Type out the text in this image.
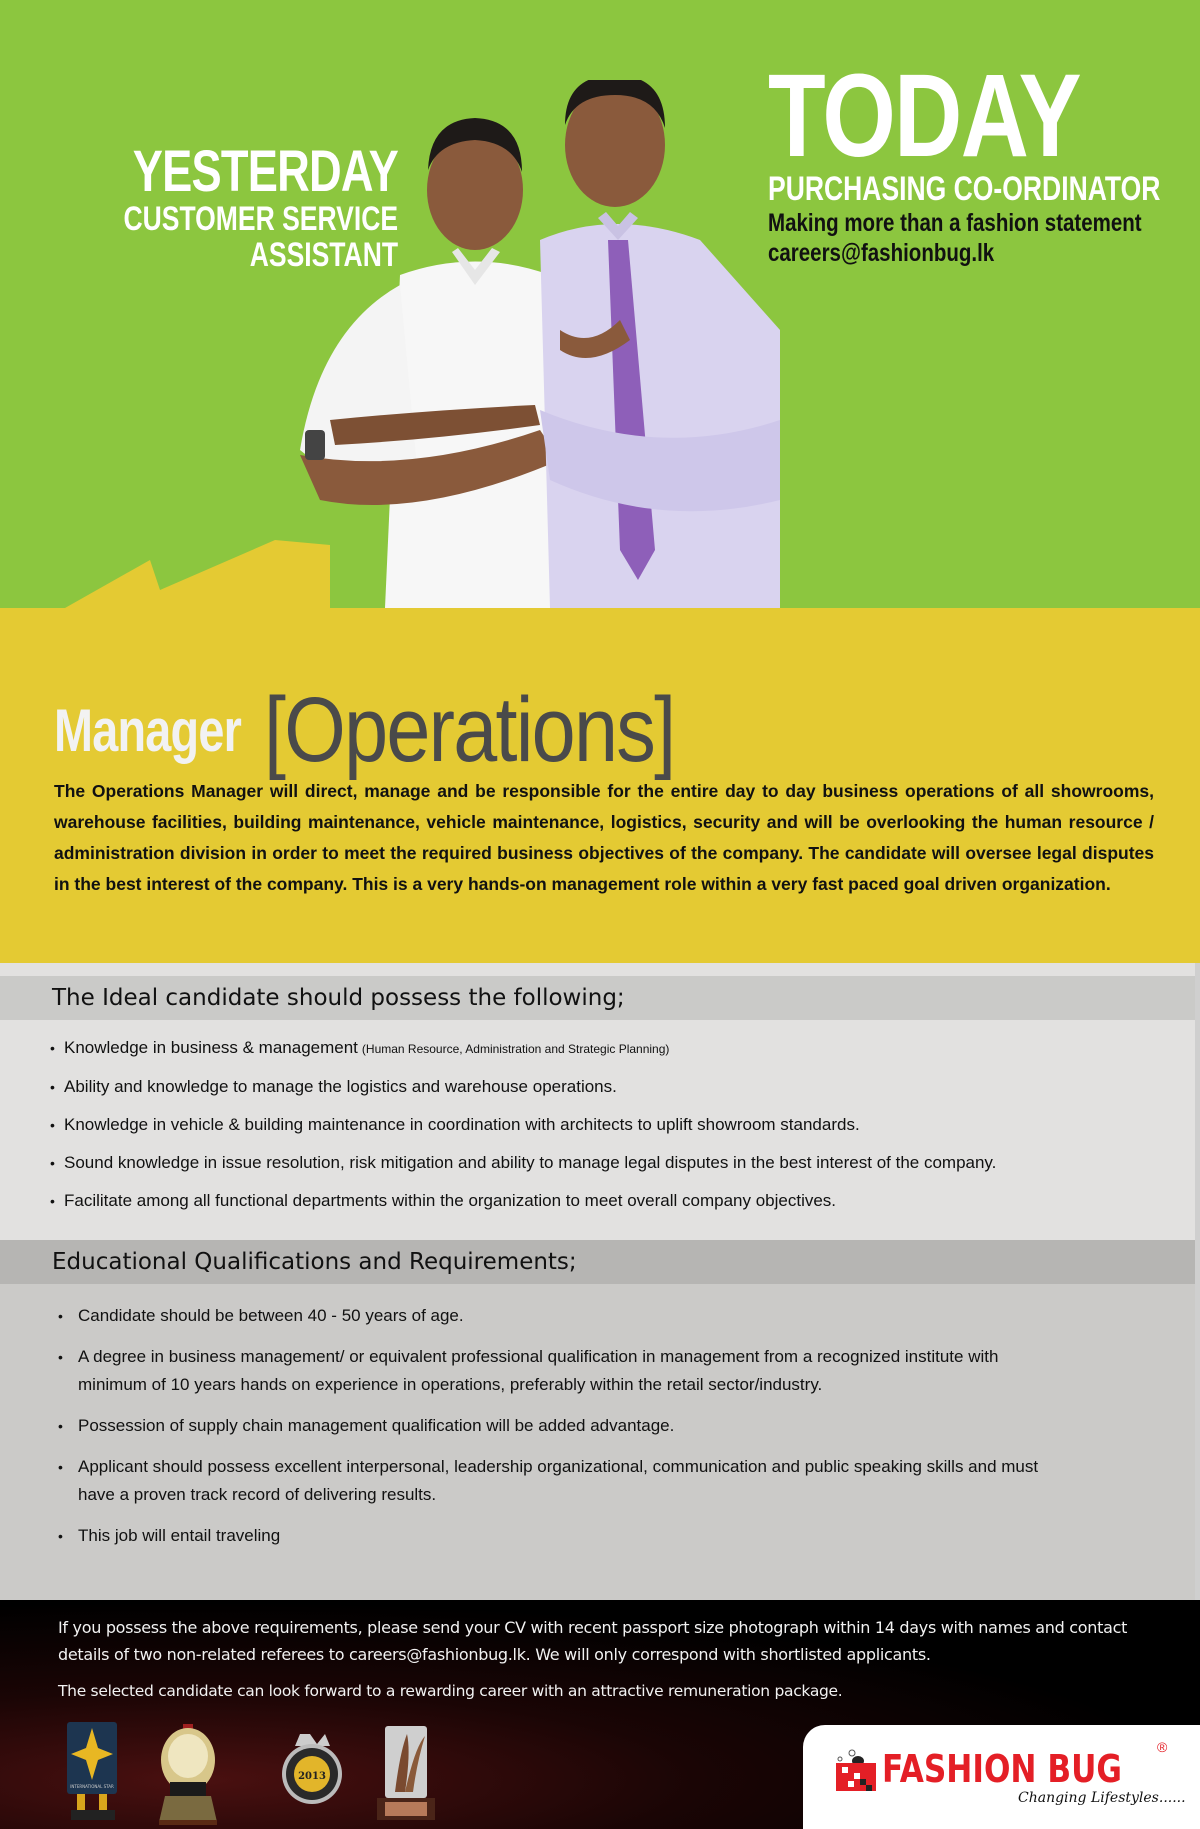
YESTERDAY
CUSTOMER SERVICE
ASSISTANT
TODAY
PURCHASING CO-ORDINATOR
Making more than a fashion statement
careers@fashionbug.lk
Manager [Operations]

The Operations Manager will direct, manage and be responsible for the entire day to day business operations of all showrooms, warehouse facilities, building maintenance, vehicle maintenance, logistics, security and will be overlooking the human resource / administration division in order to meet the required business objectives of the company. The candidate will oversee legal disputes in the best interest of the company. This is a very hands-on management role within a very fast paced goal driven organization.

The Ideal candidate should possess the following;
• Knowledge in business & management (Human Resource, Administration and Strategic Planning)
• Ability and knowledge to manage the logistics and warehouse operations.
• Knowledge in vehicle & building maintenance in coordination with architects to uplift showroom standards.
• Sound knowledge in issue resolution, risk mitigation and ability to manage legal disputes in the best interest of the company.
• Facilitate among all functional departments within the organization to meet overall company objectives.
Educational Qualifications and Requirements;
• Candidate should be between 40 - 50 years of age.
• A degree in business management/ or equivalent professional qualification in management from a recognized institute with minimum of 10 years hands on experience in operations, preferably within the retail sector/industry.
• Possession of supply chain management qualification will be added advantage.
• Applicant should possess excellent interpersonal, leadership organizational, communication and public speaking skills and must have a proven track record of delivering results.
• This job will entail traveling

If you possess the above requirements, please send your CV with recent passport size photograph within 14 days with names and contact details of two non-related referees to careers@fashionbug.lk. We will only correspond with shortlisted applicants.

The selected candidate can look forward to a rewarding career with an attractive remuneration package.

INTERNATIONAL STAR
2013	FASHION BUG	®
Changing Lifestyles......
